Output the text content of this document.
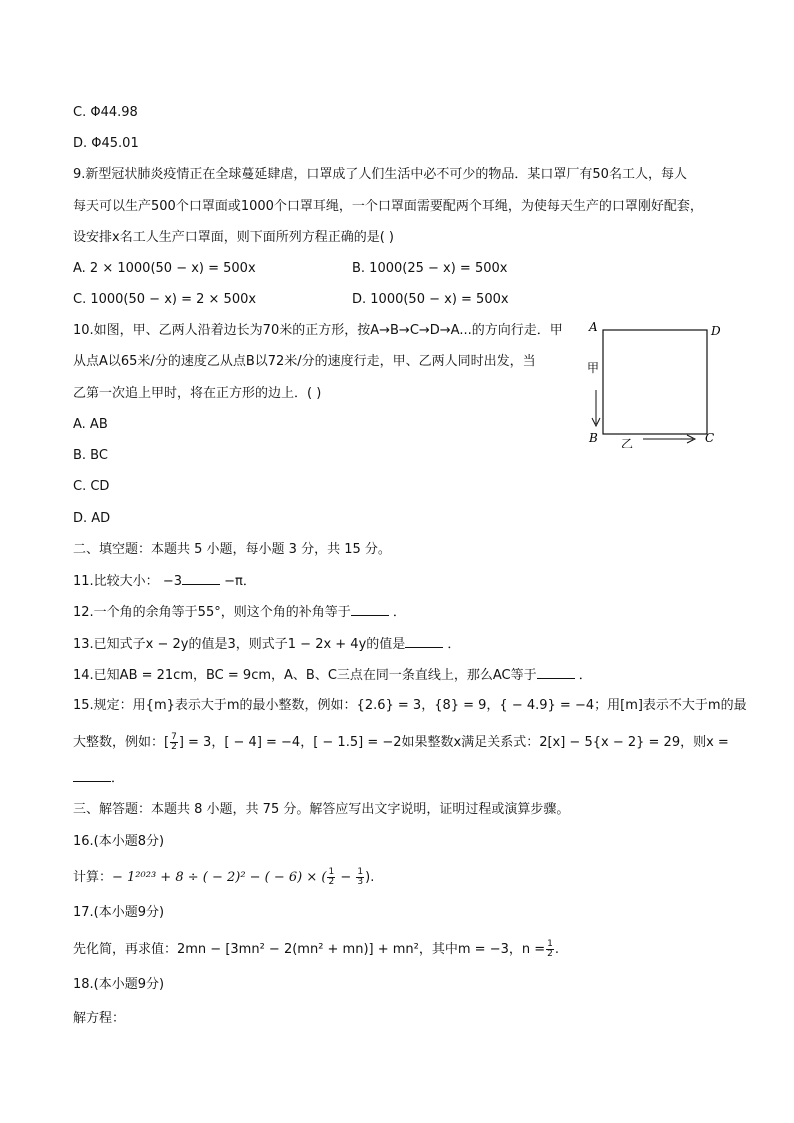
C. Φ44.98
D. Φ45.01
9.新型冠状肺炎疫情正在全球蔓延肆虐，口罩成了人们生活中必不可少的物品．某口罩厂有50名工人，每人
每天可以生产500个口罩面或1000个口罩耳绳，一个口罩面需要配两个耳绳，为使每天生产的口罩刚好配套，
设安排x名工人生产口罩面，则下面所列方程正确的是( )
A. 2 × 1000(50 − x) = 500x	B. 1000(25 − x) = 500x
C. 1000(50 − x) = 2 × 500x	D. 1000(50 − x) = 500x
10.如图，甲、乙两人沿着边长为70米的正方形，按A→B→C→D→A...的方向行走．甲
从点A以65米/分的速度乙从点B以72米/分的速度行走，甲、乙两人同时出发，当
乙第一次追上甲时，将在正方形的边上．( )
A. AB
B. BC
C. CD
D. AD
A	D
B	C
甲
乙
二、填空题：本题共 5 小题，每小题 3 分，共 15 分。
11.比较大小： −3	−π．
12.一个角的余角等于55°，则这个角的补角等于	．
13.已知式子x − 2y的值是3，则式子1 − 2x + 4y的值是	．
14.已知AB = 21cm，BC = 9cm，A、B、C三点在同一条直线上，那么AC等于	．
15.规定：用{m}表示大于m的最小整数，例如：{2.6} = 3，{8} = 9，{ − 4.9} = −4；用[m]表示不大于m的最
大整数，例如：[ $\frac{7}{2}$ ] = 3，[ − 4] = −4，[ − 1.5] = −2如果整数x满足关系式：2[x] − 5{x − 2} = 29，则x =
．
三、解答题：本题共 8 小题，共 75 分。解答应写出文字说明，证明过程或演算步骤。
16.(本小题8分)
计算：− 1²⁰²³ + 8 ÷ ( − 2)² − ( − 6) × ( $\frac{1}{2} - \frac{1}{3}$ ).
17.(本小题9分)
先化简，再求值：2mn − [3mn² − 2(mn² + mn)] + mn²，其中m = −3，$n = \frac{1}{2}$ .
18.(本小题9分)
解方程：
